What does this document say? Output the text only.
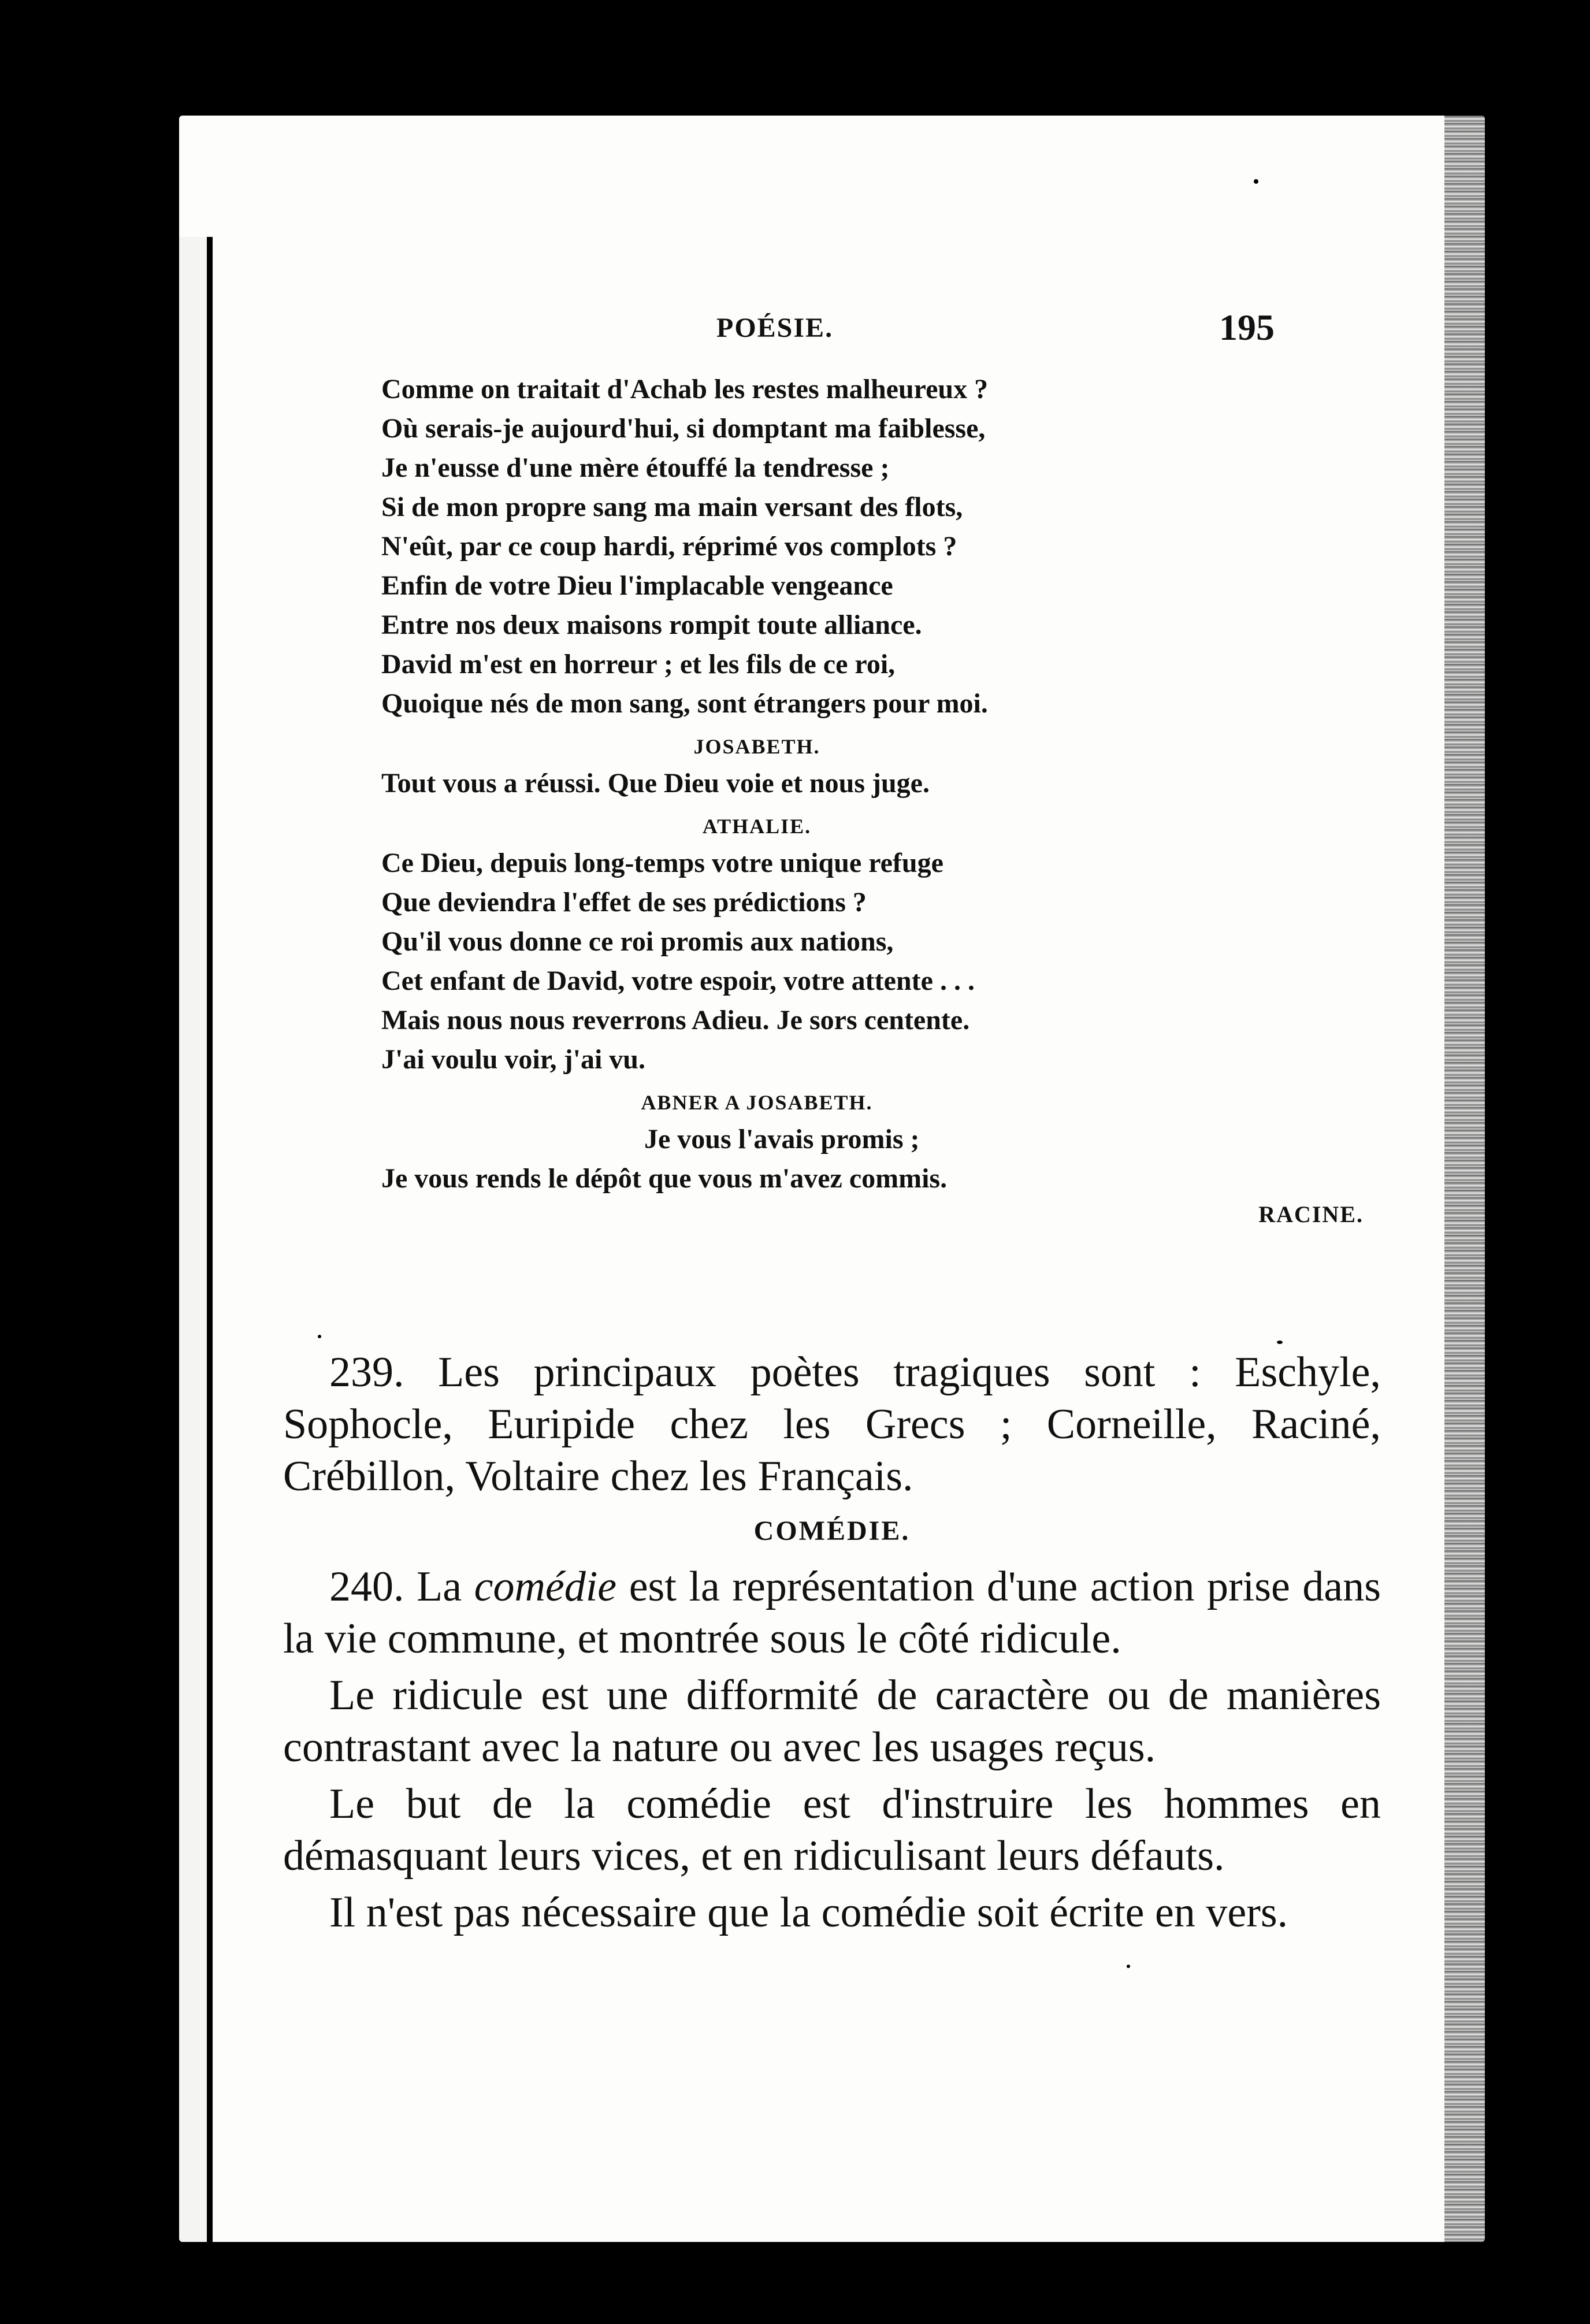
POÉSIE.	195
Comme on traitait d'Achab les restes malheureux ?
Où serais-je aujourd'hui, si domptant ma faiblesse,
Je n'eusse d'une mère étouffé la tendresse ;
Si de mon propre sang ma main versant des flots,
N'eût, par ce coup hardi, réprimé vos complots ?
Enfin de votre Dieu l'implacable vengeance
Entre nos deux maisons rompit toute alliance.
David m'est en horreur ; et les fils de ce roi,
Quoique nés de mon sang, sont étrangers pour moi.
JOSABETH.
Tout vous a réussi. Que Dieu voie et nous juge.
ATHALIE.
Ce Dieu, depuis long-temps votre unique refuge
Que deviendra l'effet de ses prédictions ?
Qu'il vous donne ce roi promis aux nations,
Cet enfant de David, votre espoir, votre attente . . .
Mais nous nous reverrons Adieu. Je sors centente.
J'ai voulu voir, j'ai vu.
ABNER A JOSABETH.
Je vous l'avais promis ;
Je vous rends le dépôt que vous m'avez commis.
RACINE.

239. Les principaux poètes tragiques sont : Eschyle, Sophocle, Euripide chez les Grecs ; Corneille, Raciné, Crébillon, Voltaire chez les Français.

COMÉDIE.

240. La comédie est la représentation d'une action prise dans la vie commune, et montrée sous le côté ridicule.

Le ridicule est une difformité de caractère ou de manières contrastant avec la nature ou avec les usages reçus.

Le but de la comédie est d'instruire les hommes en démasquant leurs vices, et en ridiculisant leurs défauts.

Il n'est pas nécessaire que la comédie soit écrite en vers.
